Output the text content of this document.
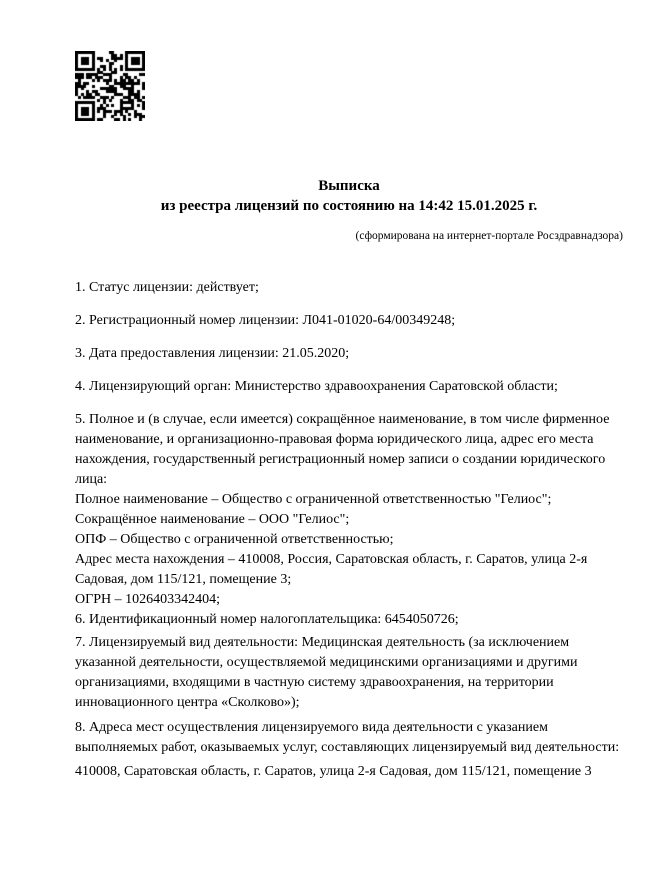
Выписка
из реестра лицензий по состоянию на 14:42 15.01.2025 г.
(сформирована на интернет-портале Росздравнадзора)

1. Статус лицензии: действует;

2. Регистрационный номер лицензии: Л041-01020-64/00349248;

3. Дата предоставления лицензии: 21.05.2020;

4. Лицензирующий орган: Министерство здравоохранения Саратовской области;

5. Полное и (в случае, если имеется) сокращённое наименование, в том числе фирменное наименование, и организационно-правовая форма юридического лица, адрес его места нахождения, государственный регистрационный номер записи о создании юридического лица:

Полное наименование – Общество с ограниченной ответственностью "Гелиос";
Сокращённое наименование – ООО "Гелиос";
ОПФ – Общество с ограниченной ответственностью;
Адрес места нахождения – 410008, Россия, Саратовская область, г. Саратов, улица 2-я Садовая, дом 115/121, помещение 3;
ОГРН – 1026403342404;

6. Идентификационный номер налогоплательщика: 6454050726;

7. Лицензируемый вид деятельности: Медицинская деятельность (за исключением указанной деятельности, осуществляемой медицинскими организациями и другими организациями, входящими в частную систему здравоохранения, на территории инновационного центра «Сколково»);

8. Адреса мест осуществления лицензируемого вида деятельности с указанием выполняемых работ, оказываемых услуг, составляющих лицензируемый вид деятельности:

410008, Саратовская область, г. Саратов, улица 2-я Садовая, дом 115/121, помещение 3
